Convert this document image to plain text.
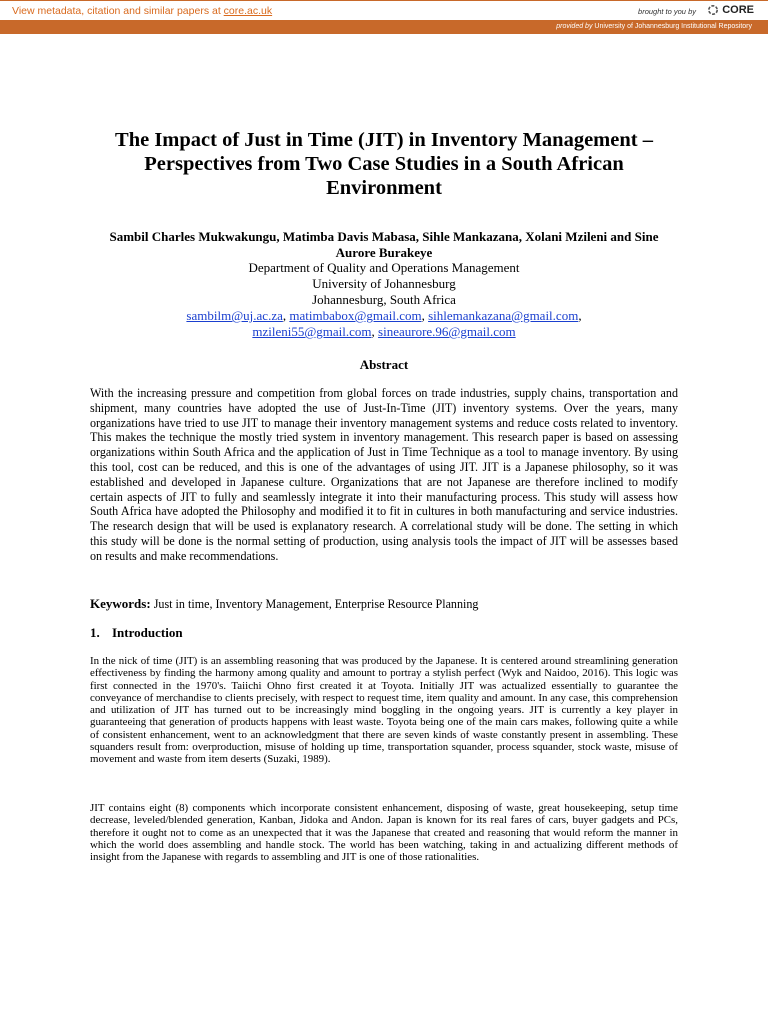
View metadata, citation and similar papers at core.ac.uk	brought to you by CORE
provided by University of Johannesburg Institutional Repository
The Impact of Just in Time (JIT) in Inventory Management – Perspectives from Two Case Studies in a South African Environment
Sambil Charles Mukwakungu, Matimba Davis Mabasa, Sihle Mankazana, Xolani Mzileni and Sine Aurore Burakeye
Department of Quality and Operations Management
University of Johannesburg
Johannesburg, South Africa
sambilm@uj.ac.za, matimbabox@gmail.com, sihlemankazana@gmail.com,
mzileni55@gmail.com, sineaurore.96@gmail.com
Abstract
With the increasing pressure and competition from global forces on trade industries, supply chains, transportation and shipment, many countries have adopted the use of Just-In-Time (JIT) inventory systems. Over the years, many organizations have tried to use JIT to manage their inventory management systems and reduce costs related to inventory. This makes the technique the mostly tried system in inventory management. This research paper is based on assessing organizations within South Africa and the application of Just in Time Technique as a tool to manage inventory. By using this tool, cost can be reduced, and this is one of the advantages of using JIT. JIT is a Japanese philosophy, so it was established and developed in Japanese culture. Organizations that are not Japanese are therefore inclined to modify certain aspects of JIT to fully and seamlessly integrate it into their manufacturing process. This study will assess how South Africa have adopted the Philosophy and modified it to fit in cultures in both manufacturing and service industries. The research design that will be used is explanatory research. A correlational study will be done. The setting in which this study will be done is the normal setting of production, using analysis tools the impact of JIT will be assesses based on results and make recommendations.
Keywords: Just in time, Inventory Management, Enterprise Resource Planning
1. Introduction
In the nick of time (JIT) is an assembling reasoning that was produced by the Japanese. It is centered around streamlining generation effectiveness by finding the harmony among quality and amount to portray a stylish perfect (Wyk and Naidoo, 2016). This logic was first connected in the 1970's. Taiichi Ohno first created it at Toyota. Initially JIT was actualized essentially to guarantee the conveyance of merchandise to clients precisely, with respect to request time, item quality and amount. In any case, this comprehension and utilization of JIT has turned out to be increasingly mind boggling in the ongoing years. JIT is currently a key player in guaranteeing that generation of products happens with least waste. Toyota being one of the main cars makes, following quite a while of consistent enhancement, went to an acknowledgment that there are seven kinds of waste constantly present in assembling. These squanders result from: overproduction, misuse of holding up time, transportation squander, process squander, stock waste, misuse of movement and waste from item deserts (Suzaki, 1989).
JIT contains eight (8) components which incorporate consistent enhancement, disposing of waste, great housekeeping, setup time decrease, leveled/blended generation, Kanban, Jidoka and Andon. Japan is known for its real fares of cars, buyer gadgets and PCs, therefore it ought not to come as an unexpected that it was the Japanese that created and reasoning that would reform the manner in which the world does assembling and handle stock. The world has been watching, taking in and actualizing different methods of insight from the Japanese with regards to assembling and JIT is one of those rationalities.
